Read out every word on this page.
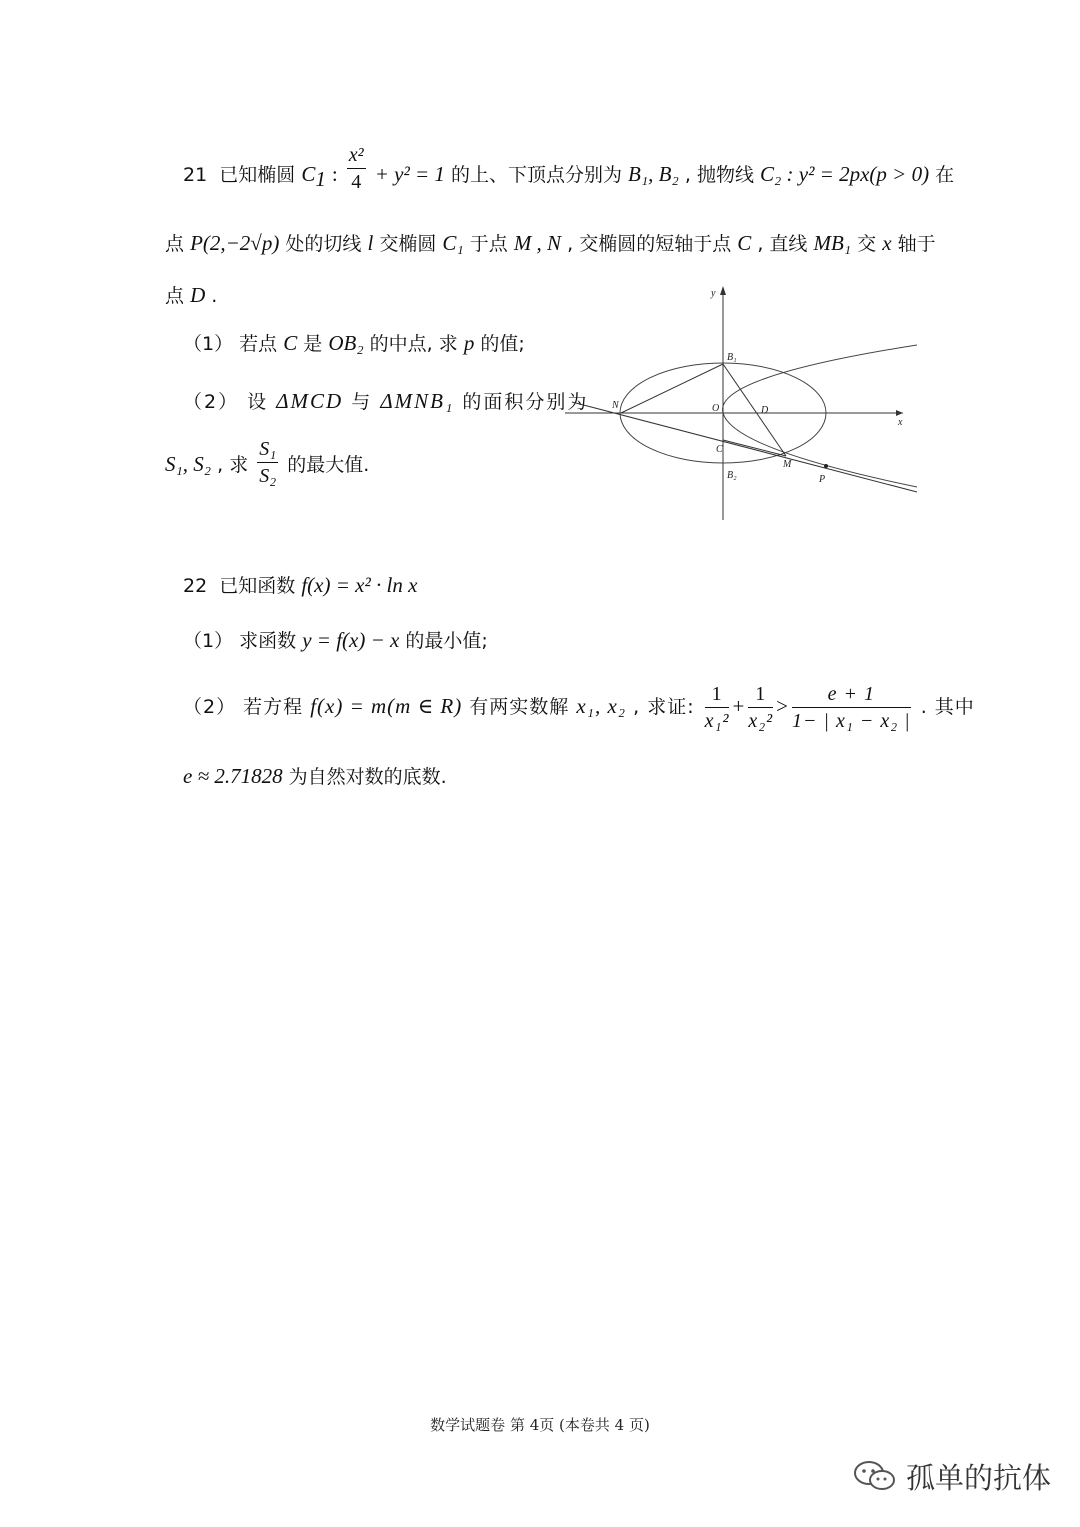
21 已知椭圆 $C_1$ : $\frac{\text{x²}}{4} + y^2 = 1$ 的上、下顶点分别为 B₁, B₂ , 抛物线 C₂ : y² = 2px(p > 0) 在
点 P(2,−2√p) 处的切线 l 交椭圆 C₁ 于点 M , N , 交椭圆的短轴于点 C , 直线 MB₁ 交 x 轴于
点 D .
（1） 若点 C 是 OB₂ 的中点, 求 p 的值;
（2） 设 ΔMCD 与 ΔMNB₁ 的面积分别为
S₁, S₂ , 求 $\frac{\text{S₁}}{\text{S₂}}$ 的最大值.
y
x
B₁
B₂
O	D
C
N
M
P
22 已知函数 f(x) = x² · ln x
（1） 求函数 y = f(x) − x 的最小值;
（2） 若方程 f(x) = m(m ∈ R) 有两实数解 x₁, x₂ , 求证: $\frac{1}{\text{x₁²}} + \frac{1}{\text{x₂²}} > \frac{e + 1}{\text{1− | x₁ − x₂ |}}$ . 其中
e ≈ 2.71828 为自然对数的底数.
数学试题卷 第 4页 (本卷共 4 页)
孤单的抗体
